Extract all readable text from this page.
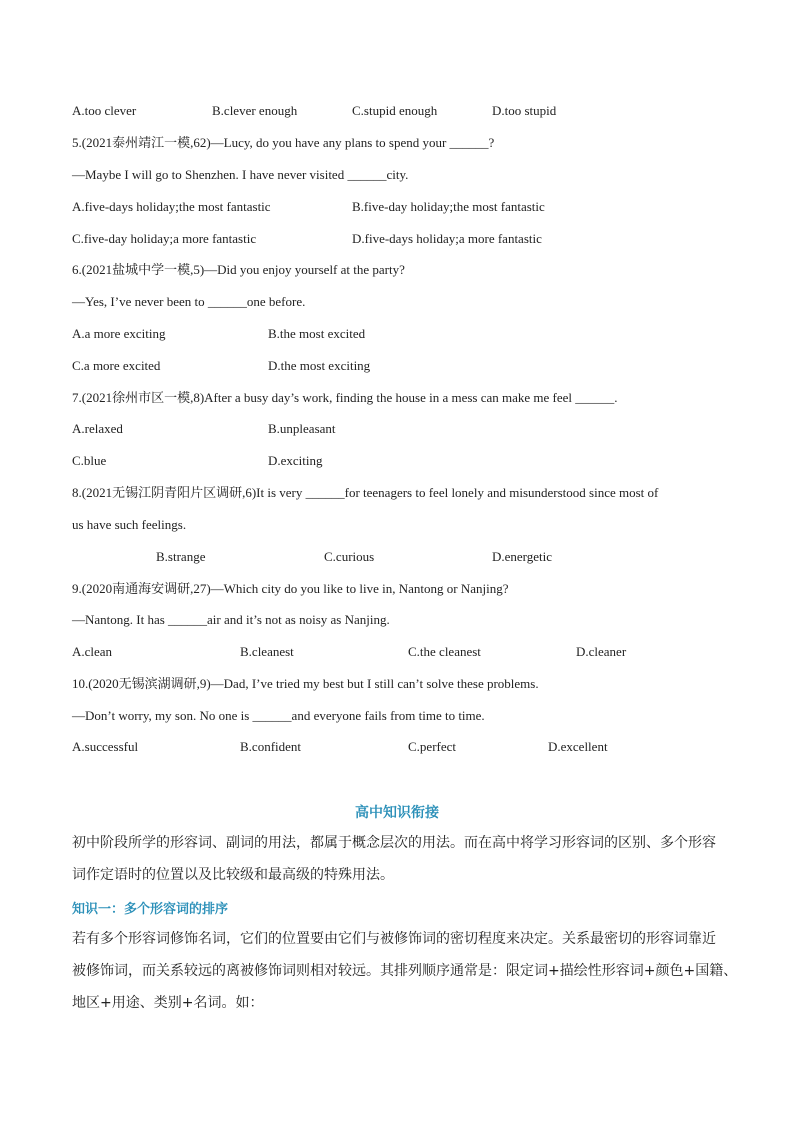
A.too clever	B.clever enough	C.stupid enough	D.too stupid
5.(2021泰州靖江一模,62)—Lucy, do you have any plans to spend your ______?
—Maybe I will go to Shenzhen. I have never visited ______city.
A.five-days holiday;the most fantastic	B.five-day holiday;the most fantastic
C.five-day holiday;a more fantastic	D.five-days holiday;a more fantastic
6.(2021盐城中学一模,5)—Did you enjoy yourself at the party?
—Yes, I’ve never been to ______one before.
A.a more exciting	B.the most excited
C.a more excited	D.the most exciting
7.(2021徐州市区一模,8)After a busy day’s work, finding the house in a mess can make me feel ______.
A.relaxed	B.unpleasant
C.blue	D.exciting
8.(2021无锡江阴青阳片区调研,6)It is very ______for teenagers to feel lonely and misunderstood since most of
us have such feelings.
B.strange	C.curious	D.energetic
9.(2020南通海安调研,27)—Which city do you like to live in, Nantong or Nanjing?
—Nantong. It has ______air and it’s not as noisy as Nanjing.
A.clean	B.cleanest	C.the cleanest	D.cleaner
10.(2020无锡滨湖调研,9)—Dad, I’ve tried my best but I still can’t solve these problems.
—Don’t worry, my son. No one is ______and everyone fails from time to time.
A.successful	B.confident	C.perfect	D.excellent
高中知识衔接
初中阶段所学的形容词、副词的用法，都属于概念层次的用法。而在高中将学习形容词的区别、多个形容
词作定语时的位置以及比较级和最高级的特殊用法。
知识一：多个形容词的排序
若有多个形容词修饰名词，它们的位置要由它们与被修饰词的密切程度来决定。关系最密切的形容词靠近
被修饰词，而关系较远的离被修饰词则相对较远。其排列顺序通常是：限定词+描绘性形容词+颜色+国籍、
地区+用途、类别+名词。如：
